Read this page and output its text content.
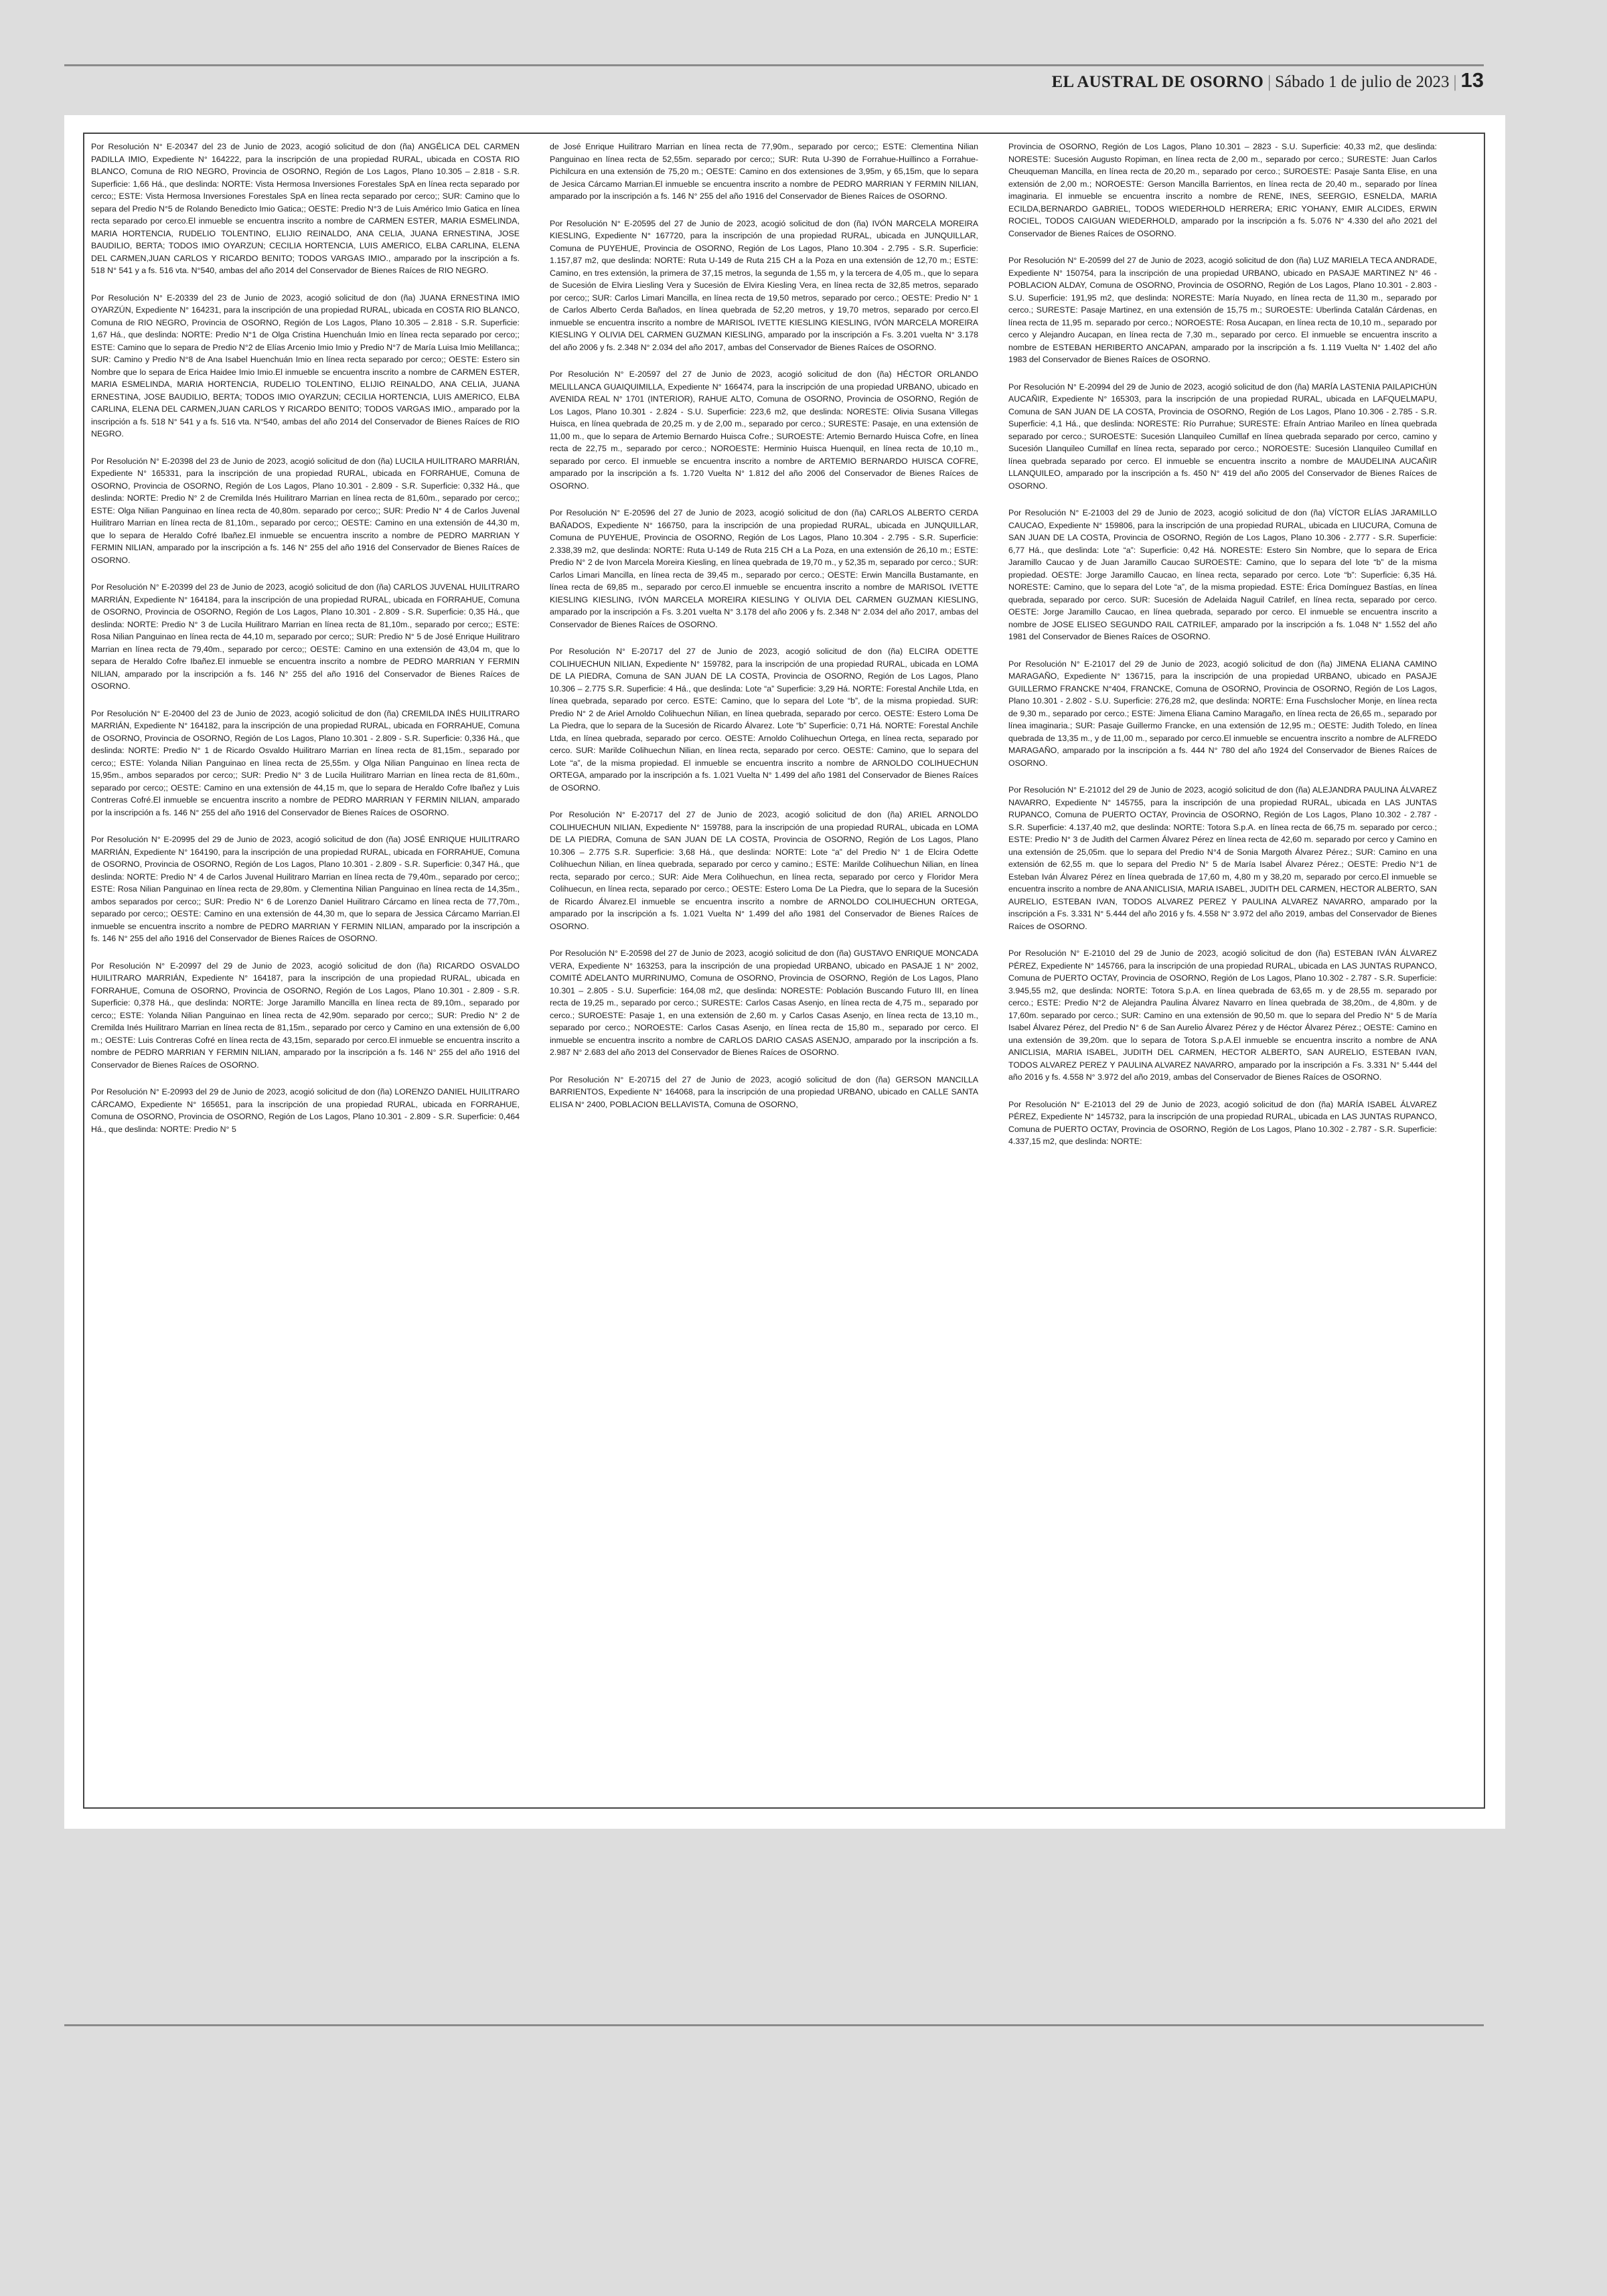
EL AUSTRAL DE OSORNO | Sábado 1 de julio de 2023 | 13

Por Resolución N° E-20347 del 23 de Junio de 2023, acogió solicitud de don (ña) ANGÉLICA DEL CARMEN PADILLA IMIO, Expediente N° 164222, para la inscripción de una propiedad RURAL, ubicada en COSTA RIO BLANCO, Comuna de RIO NEGRO, Provincia de OSORNO, Región de Los Lagos, Plano 10.305 – 2.818 - S.R. Superficie: 1,66 Há., que deslinda: NORTE: Vista Hermosa Inversiones Forestales SpA en línea recta separado por cerco;; ESTE: Vista Hermosa Inversiones Forestales SpA en línea recta separado por cerco;; SUR: Camino que lo separa del Predio N°5 de Rolando Benedicto Imio Gatica;; OESTE: Predio N°3 de Luis Américo Imio Gatica en línea recta separado por cerco.El inmueble se encuentra inscrito a nombre de CARMEN ESTER, MARIA ESMELINDA, MARIA HORTENCIA, RUDELIO TOLENTINO, ELIJIO REINALDO, ANA CELIA, JUANA ERNESTINA, JOSE BAUDILIO, BERTA; TODOS IMIO OYARZUN; CECILIA HORTENCIA, LUIS AMERICO, ELBA CARLINA, ELENA DEL CARMEN,JUAN CARLOS Y RICARDO BENITO; TODOS VARGAS IMIO., amparado por la inscripción a fs. 518 N° 541 y a fs. 516 vta. N°540, ambas del año 2014 del Conservador de Bienes Raíces de RIO NEGRO.

Por Resolución N° E-20339 del 23 de Junio de 2023, acogió solicitud de don (ña) JUANA ERNESTINA IMIO OYARZÚN, Expediente N° 164231, para la inscripción de una propiedad RURAL, ubicada en COSTA RIO BLANCO, Comuna de RIO NEGRO, Provincia de OSORNO, Región de Los Lagos, Plano 10.305 – 2.818 - S.R. Superficie: 1,67 Há., que deslinda: NORTE: Predio N°1 de Olga Cristina Huenchuán Imio en línea recta separado por cerco;; ESTE: Camino que lo separa de Predio N°2 de Elías Arcenio Imio Imio y Predio N°7 de María Luisa Imio Melillanca;; SUR: Camino y Predio N°8 de Ana Isabel Huenchuán Imio en línea recta separado por cerco;; OESTE: Estero sin Nombre que lo separa de Erica Haidee Imio Imio.El inmueble se encuentra inscrito a nombre de CARMEN ESTER, MARIA ESMELINDA, MARIA HORTENCIA, RUDELIO TOLENTINO, ELIJIO REINALDO, ANA CELIA, JUANA ERNESTINA, JOSE BAUDILIO, BERTA; TODOS IMIO OYARZUN; CECILIA HORTENCIA, LUIS AMERICO, ELBA CARLINA, ELENA DEL CARMEN,JUAN CARLOS Y RICARDO BENITO; TODOS VARGAS IMIO., amparado por la inscripción a fs. 518 N° 541 y a fs. 516 vta. N°540, ambas del año 2014 del Conservador de Bienes Raíces de RIO NEGRO.

Por Resolución N° E-20398 del 23 de Junio de 2023, acogió solicitud de don (ña) LUCILA HUILITRARO MARRIÁN, Expediente N° 165331, para la inscripción de una propiedad RURAL, ubicada en FORRAHUE, Comuna de OSORNO, Provincia de OSORNO, Región de Los Lagos, Plano 10.301 - 2.809 - S.R. Superficie: 0,332 Há., que deslinda: NORTE: Predio N° 2 de Cremilda Inés Huilitraro Marrian en línea recta de 81,60m., separado por cerco;; ESTE: Olga Nilian Panguinao en línea recta de 40,80m. separado por cerco;; SUR: Predio N° 4 de Carlos Juvenal Huilitraro Marrian en línea recta de 81,10m., separado por cerco;; OESTE: Camino en una extensión de 44,30 m, que lo separa de Heraldo Cofré Ibañez.El inmueble se encuentra inscrito a nombre de PEDRO MARRIAN Y FERMIN NILIAN, amparado por la inscripción a fs. 146 N° 255 del año 1916 del Conservador de Bienes Raíces de OSORNO.

Por Resolución N° E-20399 del 23 de Junio de 2023, acogió solicitud de don (ña) CARLOS JUVENAL HUILITRARO MARRIÁN, Expediente N° 164184, para la inscripción de una propiedad RURAL, ubicada en FORRAHUE, Comuna de OSORNO, Provincia de OSORNO, Región de Los Lagos, Plano 10.301 - 2.809 - S.R. Superficie: 0,35 Há., que deslinda: NORTE: Predio N° 3 de Lucila Huilitraro Marrian en línea recta de 81,10m., separado por cerco;; ESTE: Rosa Nilian Panguinao en línea recta de 44,10 m, separado por cerco;; SUR: Predio N° 5 de José Enrique Huilitraro Marrian en línea recta de 79,40m., separado por cerco;; OESTE: Camino en una extensión de 43,04 m, que lo separa de Heraldo Cofre Ibañez.El inmueble se encuentra inscrito a nombre de PEDRO MARRIAN Y FERMIN NILIAN, amparado por la inscripción a fs. 146 N° 255 del año 1916 del Conservador de Bienes Raíces de OSORNO.

Por Resolución N° E-20400 del 23 de Junio de 2023, acogió solicitud de don (ña) CREMILDA INÉS HUILITRARO MARRIÁN, Expediente N° 164182, para la inscripción de una propiedad RURAL, ubicada en FORRAHUE, Comuna de OSORNO, Provincia de OSORNO, Región de Los Lagos, Plano 10.301 - 2.809 - S.R. Superficie: 0,336 Há., que deslinda: NORTE: Predio N° 1 de Ricardo Osvaldo Huilitraro Marrian en línea recta de 81,15m., separado por cerco;; ESTE: Yolanda Nilian Panguinao en línea recta de 25,55m. y Olga Nilian Panguinao en línea recta de 15,95m., ambos separados por cerco;; SUR: Predio N° 3 de Lucila Huilitraro Marrian en línea recta de 81,60m., separado por cerco;; OESTE: Camino en una extensión de 44,15 m, que lo separa de Heraldo Cofre Ibañez y Luis Contreras Cofré.El inmueble se encuentra inscrito a nombre de PEDRO MARRIAN Y FERMIN NILIAN, amparado por la inscripción a fs. 146 N° 255 del año 1916 del Conservador de Bienes Raíces de OSORNO.

Por Resolución N° E-20995 del 29 de Junio de 2023, acogió solicitud de don (ña) JOSÉ ENRIQUE HUILITRARO MARRIÁN, Expediente N° 164190, para la inscripción de una propiedad RURAL, ubicada en FORRAHUE, Comuna de OSORNO, Provincia de OSORNO, Región de Los Lagos, Plano 10.301 - 2.809 - S.R. Superficie: 0,347 Há., que deslinda: NORTE: Predio N° 4 de Carlos Juvenal Huilitraro Marrian en línea recta de 79,40m., separado por cerco;; ESTE: Rosa Nilian Panguinao en línea recta de 29,80m. y Clementina Nilian Panguinao en línea recta de 14,35m., ambos separados por cerco;; SUR: Predio N° 6 de Lorenzo Daniel Huilitraro Cárcamo en línea recta de 77,70m., separado por cerco;; OESTE: Camino en una extensión de 44,30 m, que lo separa de Jessica Cárcamo Marrian.El inmueble se encuentra inscrito a nombre de PEDRO MARRIAN Y FERMIN NILIAN, amparado por la inscripción a fs. 146 N° 255 del año 1916 del Conservador de Bienes Raíces de OSORNO.

Por Resolución N° E-20997 del 29 de Junio de 2023, acogió solicitud de don (ña) RICARDO OSVALDO HUILITRARO MARRIÁN, Expediente N° 164187, para la inscripción de una propiedad RURAL, ubicada en FORRAHUE, Comuna de OSORNO, Provincia de OSORNO, Región de Los Lagos, Plano 10.301 - 2.809 - S.R. Superficie: 0,378 Há., que deslinda: NORTE: Jorge Jaramillo Mancilla en línea recta de 89,10m., separado por cerco;; ESTE: Yolanda Nilian Panguinao en línea recta de 42,90m. separado por cerco;; SUR: Predio N° 2 de Cremilda Inés Huilitraro Marrian en línea recta de 81,15m., separado por cerco y Camino en una extensión de 6,00 m.; OESTE: Luis Contreras Cofré en línea recta de 43,15m, separado por cerco.El inmueble se encuentra inscrito a nombre de PEDRO MARRIAN Y FERMIN NILIAN, amparado por la inscripción a fs. 146 N° 255 del año 1916 del Conservador de Bienes Raíces de OSORNO.

Por Resolución N° E-20993 del 29 de Junio de 2023, acogió solicitud de don (ña) LORENZO DANIEL HUILITRARO CÁRCAMO, Expediente N° 165651, para la inscripción de una propiedad RURAL, ubicada en FORRAHUE, Comuna de OSORNO, Provincia de OSORNO, Región de Los Lagos, Plano 10.301 - 2.809 - S.R. Superficie: 0,464 Há., que deslinda: NORTE: Predio N° 5

de José Enrique Huilitraro Marrian en línea recta de 77,90m., separado por cerco;; ESTE: Clementina Nilian Panguinao en línea recta de 52,55m. separado por cerco;; SUR: Ruta U-390 de Forrahue-Huillinco a Forrahue-Pichilcura en una extensión de 75,20 m.; OESTE: Camino en dos extensiones de 3,95m, y 65,15m, que lo separa de Jesica Cárcamo Marrian.El inmueble se encuentra inscrito a nombre de PEDRO MARRIAN Y FERMIN NILIAN, amparado por la inscripción a fs. 146 N° 255 del año 1916 del Conservador de Bienes Raíces de OSORNO.

Por Resolución N° E-20595 del 27 de Junio de 2023, acogió solicitud de don (ña) IVÓN MARCELA MOREIRA KIESLING, Expediente N° 167720, para la inscripción de una propiedad RURAL, ubicada en JUNQUILLAR, Comuna de PUYEHUE, Provincia de OSORNO, Región de Los Lagos, Plano 10.304 - 2.795 - S.R. Superficie: 1.157,87 m2, que deslinda: NORTE: Ruta U-149 de Ruta 215 CH a la Poza en una extensión de 12,70 m.; ESTE: Camino, en tres extensión, la primera de 37,15 metros, la segunda de 1,55 m, y la tercera de 4,05 m., que lo separa de Sucesión de Elvira Liesling Vera y Sucesión de Elvira Kiesling Vera, en línea recta de 32,85 metros, separado por cerco;; SUR: Carlos Limari Mancilla, en línea recta de 19,50 metros, separado por cerco.; OESTE: Predio N° 1 de Carlos Alberto Cerda Bañados, en línea quebrada de 52,20 metros, y 19,70 metros, separado por cerco.El inmueble se encuentra inscrito a nombre de MARISOL IVETTE KIESLING KIESLING, IVÓN MARCELA MOREIRA KIESLING Y OLIVIA DEL CARMEN GUZMAN KIESLING, amparado por la inscripción a Fs. 3.201 vuelta N° 3.178 del año 2006 y fs. 2.348 N° 2.034 del año 2017, ambas del Conservador de Bienes Raíces de OSORNO.

Por Resolución N° E-20597 del 27 de Junio de 2023, acogió solicitud de don (ña) HÉCTOR ORLANDO MELILLANCA GUAIQUIMILLA, Expediente N° 166474, para la inscripción de una propiedad URBANO, ubicado en AVENIDA REAL N° 1701 (INTERIOR), RAHUE ALTO, Comuna de OSORNO, Provincia de OSORNO, Región de Los Lagos, Plano 10.301 - 2.824 - S.U. Superficie: 223,6 m2, que deslinda: NORESTE: Olivia Susana Villegas Huisca, en línea quebrada de 20,25 m. y de 2,00 m., separado por cerco.; SURESTE: Pasaje, en una extensión de 11,00 m., que lo separa de Artemio Bernardo Huisca Cofre.; SUROESTE: Artemio Bernardo Huisca Cofre, en línea recta de 22,75 m., separado por cerco.; NOROESTE: Herminio Huisca Huenquil, en línea recta de 10,10 m., separado por cerco. El inmueble se encuentra inscrito a nombre de ARTEMIO BERNARDO HUISCA COFRE, amparado por la inscripción a fs. 1.720 Vuelta N° 1.812 del año 2006 del Conservador de Bienes Raíces de OSORNO.

Por Resolución N° E-20596 del 27 de Junio de 2023, acogió solicitud de don (ña) CARLOS ALBERTO CERDA BAÑADOS, Expediente N° 166750, para la inscripción de una propiedad RURAL, ubicada en JUNQUILLAR, Comuna de PUYEHUE, Provincia de OSORNO, Región de Los Lagos, Plano 10.304 - 2.795 - S.R. Superficie: 2.338,39 m2, que deslinda: NORTE: Ruta U-149 de Ruta 215 CH a La Poza, en una extensión de 26,10 m.; ESTE: Predio N° 2 de Ivon Marcela Moreira Kiesling, en línea quebrada de 19,70 m., y 52,35 m, separado por cerco.; SUR: Carlos Limari Mancilla, en línea recta de 39,45 m., separado por cerco.; OESTE: Erwin Mancilla Bustamante, en línea recta de 69,85 m., separado por cerco.El inmueble se encuentra inscrito a nombre de MARISOL IVETTE KIESLING KIESLING, IVÓN MARCELA MOREIRA KIESLING Y OLIVIA DEL CARMEN GUZMAN KIESLING, amparado por la inscripción a Fs. 3.201 vuelta N° 3.178 del año 2006 y fs. 2.348 N° 2.034 del año 2017, ambas del Conservador de Bienes Raíces de OSORNO.

Por Resolución N° E-20717 del 27 de Junio de 2023, acogió solicitud de don (ña) ELCIRA ODETTE COLIHUECHUN NILIAN, Expediente N° 159782, para la inscripción de una propiedad RURAL, ubicada en LOMA DE LA PIEDRA, Comuna de SAN JUAN DE LA COSTA, Provincia de OSORNO, Región de Los Lagos, Plano 10.306 – 2.775 S.R. Superficie: 4 Há., que deslinda: Lote “a” Superficie: 3,29 Há. NORTE: Forestal Anchile Ltda, en línea quebrada, separado por cerco. ESTE: Camino, que lo separa del Lote “b”, de la misma propiedad. SUR: Predio N° 2 de Ariel Arnoldo Colihuechun Nilian, en línea quebrada, separado por cerco. OESTE: Estero Loma De La Piedra, que lo separa de la Sucesión de Ricardo Álvarez. Lote “b” Superficie: 0,71 Há. NORTE: Forestal Anchile Ltda, en línea quebrada, separado por cerco. OESTE: Arnoldo Colihuechun Ortega, en línea recta, separado por cerco. SUR: Marilde Colihuechun Nilian, en línea recta, separado por cerco. OESTE: Camino, que lo separa del Lote “a”, de la misma propiedad. El inmueble se encuentra inscrito a nombre de ARNOLDO COLIHUECHUN ORTEGA, amparado por la inscripción a fs. 1.021 Vuelta N° 1.499 del año 1981 del Conservador de Bienes Raíces de OSORNO.

Por Resolución N° E-20717 del 27 de Junio de 2023, acogió solicitud de don (ña) ARIEL ARNOLDO COLIHUECHUN NILIAN, Expediente N° 159788, para la inscripción de una propiedad RURAL, ubicada en LOMA DE LA PIEDRA, Comuna de SAN JUAN DE LA COSTA, Provincia de OSORNO, Región de Los Lagos, Plano 10.306 – 2.775 S.R. Superficie: 3,68 Há., que deslinda: NORTE: Lote “a” del Predio N° 1 de Elcira Odette Colihuechun Nilian, en línea quebrada, separado por cerco y camino.; ESTE: Marilde Colihuechun Nilian, en línea recta, separado por cerco.; SUR: Aide Mera Colihuechun, en línea recta, separado por cerco y Floridor Mera Colihuecun, en línea recta, separado por cerco.; OESTE: Estero Loma De La Piedra, que lo separa de la Sucesión de Ricardo Álvarez.El inmueble se encuentra inscrito a nombre de ARNOLDO COLIHUECHUN ORTEGA, amparado por la inscripción a fs. 1.021 Vuelta N° 1.499 del año 1981 del Conservador de Bienes Raíces de OSORNO.

Por Resolución N° E-20598 del 27 de Junio de 2023, acogió solicitud de don (ña) GUSTAVO ENRIQUE MONCADA VERA, Expediente N° 163253, para la inscripción de una propiedad URBANO, ubicado en PASAJE 1 N° 2002, COMITÉ ADELANTO MURRINUMO, Comuna de OSORNO, Provincia de OSORNO, Región de Los Lagos, Plano 10.301 – 2.805 - S.U. Superficie: 164,08 m2, que deslinda: NORESTE: Población Buscando Futuro III, en línea recta de 19,25 m., separado por cerco.; SURESTE: Carlos Casas Asenjo, en línea recta de 4,75 m., separado por cerco.; SUROESTE: Pasaje 1, en una extensión de 2,60 m. y Carlos Casas Asenjo, en línea recta de 13,10 m., separado por cerco.; NOROESTE: Carlos Casas Asenjo, en línea recta de 15,80 m., separado por cerco. El inmueble se encuentra inscrito a nombre de CARLOS DARIO CASAS ASENJO, amparado por la inscripción a fs. 2.987 N° 2.683 del año 2013 del Conservador de Bienes Raíces de OSORNO.

Por Resolución N° E-20715 del 27 de Junio de 2023, acogió solicitud de don (ña) GERSON MANCILLA BARRIENTOS, Expediente N° 164068, para la inscripción de una propiedad URBANO, ubicado en CALLE SANTA ELISA N° 2400, POBLACION BELLAVISTA, Comuna de OSORNO,

Provincia de OSORNO, Región de Los Lagos, Plano 10.301 – 2823 - S.U. Superficie: 40,33 m2, que deslinda: NORESTE: Sucesión Augusto Ropiman, en línea recta de 2,00 m., separado por cerco.; SURESTE: Juan Carlos Cheuqueman Mancilla, en línea recta de 20,20 m., separado por cerco.; SUROESTE: Pasaje Santa Elise, en una extensión de 2,00 m.; NOROESTE: Gerson Mancilla Barrientos, en línea recta de 20,40 m., separado por línea imaginaria. El inmueble se encuentra inscrito a nombre de RENE, INES, SEERGIO, ESNELDA, MARIA ECILDA,BERNARDO GABRIEL, TODOS WIEDERHOLD HERRERA; ERIC YOHANY, EMIR ALCIDES, ERWIN ROCIEL, TODOS CAIGUAN WIEDERHOLD, amparado por la inscripción a fs. 5.076 N° 4.330 del año 2021 del Conservador de Bienes Raíces de OSORNO.

Por Resolución N° E-20599 del 27 de Junio de 2023, acogió solicitud de don (ña) LUZ MARIELA TECA ANDRADE, Expediente N° 150754, para la inscripción de una propiedad URBANO, ubicado en PASAJE MARTINEZ N° 46 - POBLACION ALDAY, Comuna de OSORNO, Provincia de OSORNO, Región de Los Lagos, Plano 10.301 - 2.803 - S.U. Superficie: 191,95 m2, que deslinda: NORESTE: María Nuyado, en línea recta de 11,30 m., separado por cerco.; SURESTE: Pasaje Martinez, en una extensión de 15,75 m.; SUROESTE: Uberlinda Catalán Cárdenas, en línea recta de 11,95 m. separado por cerco.; NOROESTE: Rosa Aucapan, en línea recta de 10,10 m., separado por cerco y Alejandro Aucapan, en línea recta de 7,30 m., separado por cerco. El inmueble se encuentra inscrito a nombre de ESTEBAN HERIBERTO ANCAPAN, amparado por la inscripción a fs. 1.119 Vuelta N° 1.402 del año 1983 del Conservador de Bienes Raíces de OSORNO.

Por Resolución N° E-20994 del 29 de Junio de 2023, acogió solicitud de don (ña) MARÍA LASTENIA PAILAPICHÚN AUCAÑIR, Expediente N° 165303, para la inscripción de una propiedad RURAL, ubicada en LAFQUELMAPU, Comuna de SAN JUAN DE LA COSTA, Provincia de OSORNO, Región de Los Lagos, Plano 10.306 - 2.785 - S.R. Superficie: 4,1 Há., que deslinda: NORESTE: Río Purrahue; SURESTE: Efraín Antriao Marileo en línea quebrada separado por cerco.; SUROESTE: Sucesión Llanquileo Cumillaf en línea quebrada separado por cerco, camino y Sucesión Llanquileo Cumillaf en línea recta, separado por cerco.; NOROESTE: Sucesión Llanquileo Cumillaf en línea quebrada separado por cerco. El inmueble se encuentra inscrito a nombre de MAUDELINA AUCAÑIR LLANQUILEO, amparado por la inscripción a fs. 450 N° 419 del año 2005 del Conservador de Bienes Raíces de OSORNO.

Por Resolución N° E-21003 del 29 de Junio de 2023, acogió solicitud de don (ña) VÍCTOR ELÍAS JARAMILLO CAUCAO, Expediente N° 159806, para la inscripción de una propiedad RURAL, ubicada en LIUCURA, Comuna de SAN JUAN DE LA COSTA, Provincia de OSORNO, Región de Los Lagos, Plano 10.306 - 2.777 - S.R. Superficie: 6,77 Há., que deslinda: Lote “a”: Superficie: 0,42 Há. NORESTE: Estero Sin Nombre, que lo separa de Erica Jaramillo Caucao y de Juan Jaramillo Caucao SUROESTE: Camino, que lo separa del lote “b” de la misma propiedad. OESTE: Jorge Jaramillo Caucao, en línea recta, separado por cerco. Lote “b”: Superficie: 6,35 Há. NORESTE: Camino, que lo separa del Lote “a”, de la misma propiedad. ESTE: Érica Domínguez Bastías, en línea quebrada, separado por cerco. SUR: Sucesión de Adelaida Naguil Catrilef, en línea recta, separado por cerco. OESTE: Jorge Jaramillo Caucao, en línea quebrada, separado por cerco. El inmueble se encuentra inscrito a nombre de JOSE ELISEO SEGUNDO RAIL CATRILEF, amparado por la inscripción a fs. 1.048 N° 1.552 del año 1981 del Conservador de Bienes Raíces de OSORNO.

Por Resolución N° E-21017 del 29 de Junio de 2023, acogió solicitud de don (ña) JIMENA ELIANA CAMINO MARAGAÑO, Expediente N° 136715, para la inscripción de una propiedad URBANO, ubicado en PASAJE GUILLERMO FRANCKE N°404, FRANCKE, Comuna de OSORNO, Provincia de OSORNO, Región de Los Lagos, Plano 10.301 - 2.802 - S.U. Superficie: 276,28 m2, que deslinda: NORTE: Erna Fuschslocher Monje, en línea recta de 9,30 m., separado por cerco.; ESTE: Jimena Eliana Camino Maragaño, en línea recta de 26,65 m., separado por línea imaginaria.; SUR: Pasaje Guillermo Francke, en una extensión de 12,95 m.; OESTE: Judith Toledo, en línea quebrada de 13,35 m., y de 11,00 m., separado por cerco.El inmueble se encuentra inscrito a nombre de ALFREDO MARAGAÑO, amparado por la inscripción a fs. 444 N° 780 del año 1924 del Conservador de Bienes Raíces de OSORNO.

Por Resolución N° E-21012 del 29 de Junio de 2023, acogió solicitud de don (ña) ALEJANDRA PAULINA ÁLVAREZ NAVARRO, Expediente N° 145755, para la inscripción de una propiedad RURAL, ubicada en LAS JUNTAS RUPANCO, Comuna de PUERTO OCTAY, Provincia de OSORNO, Región de Los Lagos, Plano 10.302 - 2.787 - S.R. Superficie: 4.137,40 m2, que deslinda: NORTE: Totora S.p.A. en línea recta de 66,75 m. separado por cerco.; ESTE: Predio N° 3 de Judith del Carmen Álvarez Pérez en línea recta de 42,60 m. separado por cerco y Camino en una extensión de 25,05m. que lo separa del Predio N°4 de Sonia Margoth Álvarez Pérez.; SUR: Camino en una extensión de 62,55 m. que lo separa del Predio N° 5 de María Isabel Álvarez Pérez.; OESTE: Predio N°1 de Esteban Iván Álvarez Pérez en línea quebrada de 17,60 m, 4,80 m y 38,20 m, separado por cerco.El inmueble se encuentra inscrito a nombre de ANA ANICLISIA, MARIA ISABEL, JUDITH DEL CARMEN, HECTOR ALBERTO, SAN AURELIO, ESTEBAN IVAN, TODOS ALVAREZ PEREZ Y PAULINA ALVAREZ NAVARRO, amparado por la inscripción a Fs. 3.331 N° 5.444 del año 2016 y fs. 4.558 N° 3.972 del año 2019, ambas del Conservador de Bienes Raíces de OSORNO.

Por Resolución N° E-21010 del 29 de Junio de 2023, acogió solicitud de don (ña) ESTEBAN IVÁN ÁLVAREZ PÉREZ, Expediente N° 145766, para la inscripción de una propiedad RURAL, ubicada en LAS JUNTAS RUPANCO, Comuna de PUERTO OCTAY, Provincia de OSORNO, Región de Los Lagos, Plano 10.302 - 2.787 - S.R. Superficie: 3.945,55 m2, que deslinda: NORTE: Totora S.p.A. en línea quebrada de 63,65 m. y de 28,55 m. separado por cerco.; ESTE: Predio N°2 de Alejandra Paulina Álvarez Navarro en línea quebrada de 38,20m., de 4,80m. y de 17,60m. separado por cerco.; SUR: Camino en una extensión de 90,50 m. que lo separa del Predio N° 5 de María Isabel Álvarez Pérez, del Predio N° 6 de San Aurelio Álvarez Pérez y de Héctor Álvarez Pérez.; OESTE: Camino en una extensión de 39,20m. que lo separa de Totora S.p.A.El inmueble se encuentra inscrito a nombre de ANA ANICLISIA, MARIA ISABEL, JUDITH DEL CARMEN, HECTOR ALBERTO, SAN AURELIO, ESTEBAN IVAN, TODOS ALVAREZ PEREZ Y PAULINA ALVAREZ NAVARRO, amparado por la inscripción a Fs. 3.331 N° 5.444 del año 2016 y fs. 4.558 N° 3.972 del año 2019, ambas del Conservador de Bienes Raíces de OSORNO.

Por Resolución N° E-21013 del 29 de Junio de 2023, acogió solicitud de don (ña) MARÍA ISABEL ÁLVAREZ PÉREZ, Expediente N° 145732, para la inscripción de una propiedad RURAL, ubicada en LAS JUNTAS RUPANCO, Comuna de PUERTO OCTAY, Provincia de OSORNO, Región de Los Lagos, Plano 10.302 - 2.787 - S.R. Superficie: 4.337,15 m2, que deslinda: NORTE:
